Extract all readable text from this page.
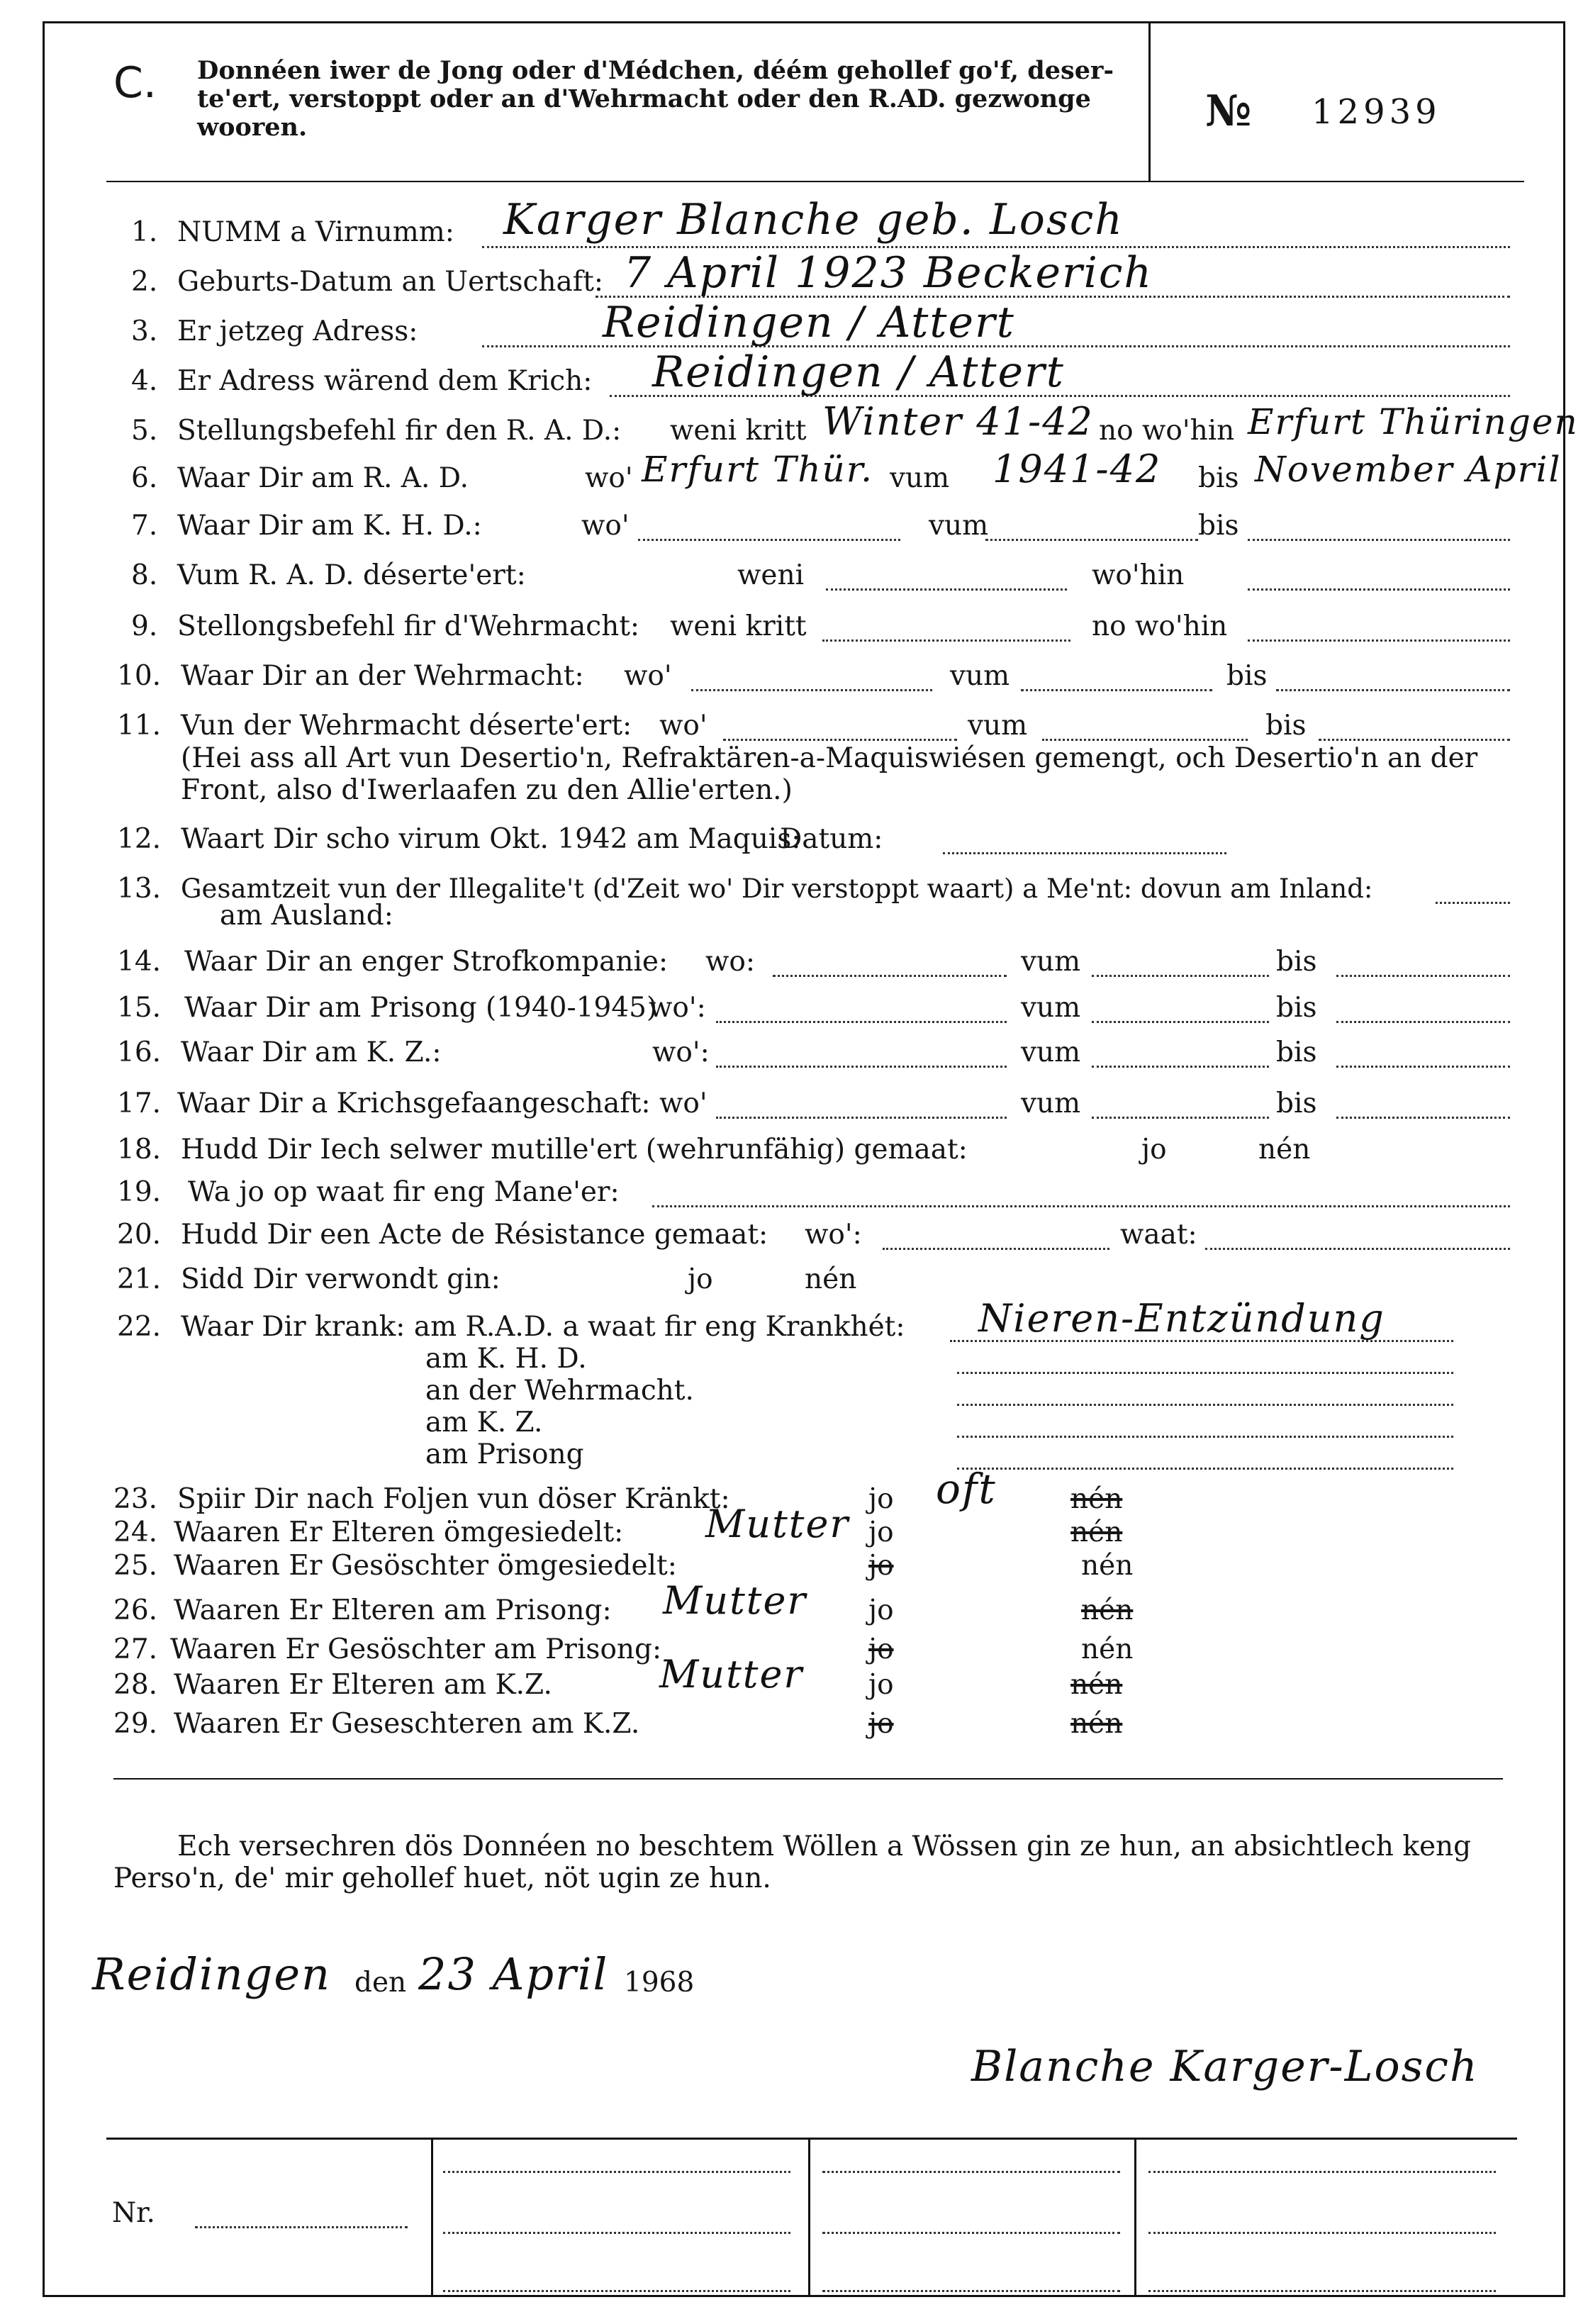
C. Donnéen iwer de Jong oder d'Médchen, déém gehollef go'f, deser-te'ert, verstoppt oder an d'Wehrmacht oder den R.AD. gezwonge wooren.	№ 12939
1. NUMM a Virnumm: Karger Blanche geb. Losch
2. Geburts-Datum an Uertschaft: 7 April 1923 Beckerich
3. Er jetzeg Adress:	Reidingen / Attert
4. Er Adress wärend dem Krich: Reidingen / Attert
5. Stellungsbefehl fir den R. A. D.: weni kritt Winter 41-42 no wo'hin Erfurt Thüringen
6. Waar Dir am R. A. D.	wo' Erfurt Thür. vum 1941-42 bis November April
7. Waar Dir am K. H. D.:	wo'	vum	bis
8. Vum R. A. D. déserte'ert:	weni	wo'hin
9. Stellongsbefehl fir d'Wehrmacht: weni kritt	no wo'hin
10. Waar Dir an der Wehrmacht: wo'	vum	bis
11. Vun der Wehrmacht déserte'ert: wo'	vum	bis
(Hei ass all Art vun Desertio'n, Refraktären-a-Maquiswiésen gemengt, och Desertio'n an der
Front, also d'Iwerlaafen zu den Allie'erten.)
12. Waart Dir scho virum Okt. 1942 am Maquis:
Datum:
13. Gesamtzeit vun der Illegalite't (d'Zeit wo' Dir verstoppt waart) a Me'nt: dovun am Inland:
am Ausland:
14. Waar Dir an enger Strofkompanie: wo:	vum	bis
15. Waar Dir am Prisong (1940-1945)
wo':	vum	bis
16. Waar Dir am K. Z.:	wo':	vum	bis
17. Waar Dir a Krichsgefaangeschaft: wo'	vum	bis
18. Hudd Dir Iech selwer mutille'ert (wehrunfähig) gemaat:	jo	nén
19. Wa jo op waat fir eng Mane'er:
20. Hudd Dir een Acte de Résistance gemaat: wo':	waat:
21. Sidd Dir verwondt gin:	jo	nén
22. Waar Dir krank: am R.A.D. a waat fir eng Krankhét: Nieren-Entzündung
am K. H. D.
an der Wehrmacht.
am K. Z.
am Prisong
23. Spiir Dir nach Foljen vun döser Kränkt:	jo oft	nén
24. Waaren Er Elteren ömgesiedelt: Mutter jo	nén
25. Waaren Er Gesöschter ömgesiedelt:	jo	nén
26. Waaren Er Elteren am Prisong: Mutter jo	nén
27. Waaren Er Gesöschter am Prisong:	jo	nén
28. Waaren Er Elteren am K.Z.	Mutter jo	nén
29. Waaren Er Geseschteren am K.Z.	jo	nén
Ech versechren dös Donnéen no beschtem Wöllen a Wössen gin ze hun, an absichtlech keng
Perso'n, de' mir gehollef huet, nöt ugin ze hun.
Reidingen den 23 April 1968
Blanche Karger-Losch
Nr.
